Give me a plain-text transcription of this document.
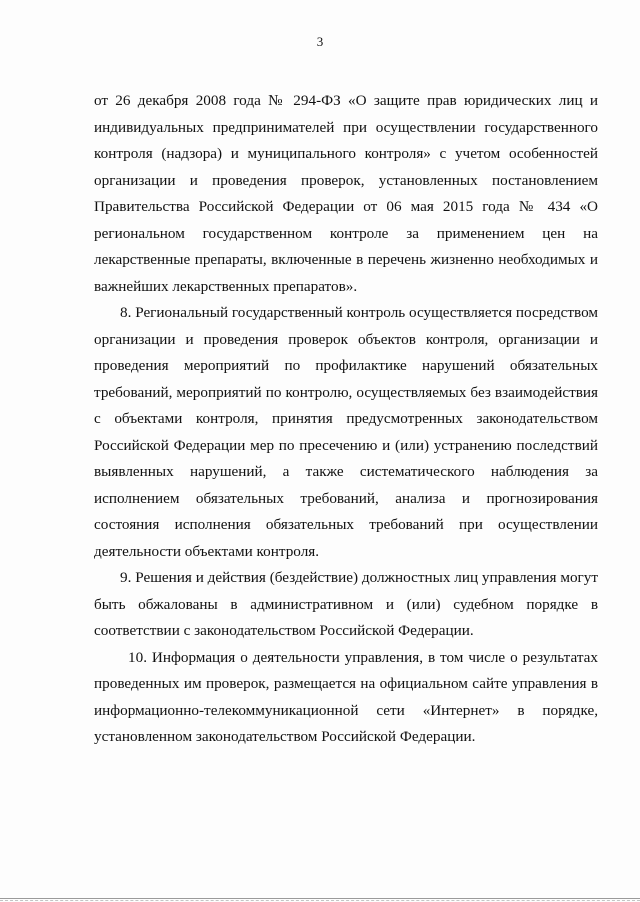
3

от 26 декабря 2008 года № 294-ФЗ «О защите прав юридических лиц и индивидуальных предпринимателей при осуществлении государственного контроля (надзора) и муниципального контроля» с учетом особенностей организации и проведения проверок, установленных постановлением Правительства Российской Федерации от 06 мая 2015 года № 434 «О региональном государственном контроле за применением цен на лекарственные препараты, включенные в перечень жизненно необходимых и важнейших лекарственных препаратов».

8. Региональный государственный контроль осуществляется посредством организации и проведения проверок объектов контроля, организации и проведения мероприятий по профилактике нарушений обязательных требований, мероприятий по контролю, осуществляемых без взаимодействия с объектами контроля, принятия предусмотренных законодательством Российской Федерации мер по пресечению и (или) устранению последствий выявленных нарушений, а также систематического наблюдения за исполнением обязательных требований, анализа и прогнозирования состояния исполнения обязательных требований при осуществлении деятельности объектами контроля.

9. Решения и действия (бездействие) должностных лиц управления могут быть обжалованы в административном и (или) судебном порядке в соответствии с законодательством Российской Федерации.

10. Информация о деятельности управления, в том числе о результатах проведенных им проверок, размещается на официальном сайте управления в информационно-телекоммуникационной сети «Интернет» в порядке, установленном законодательством Российской Федерации.
